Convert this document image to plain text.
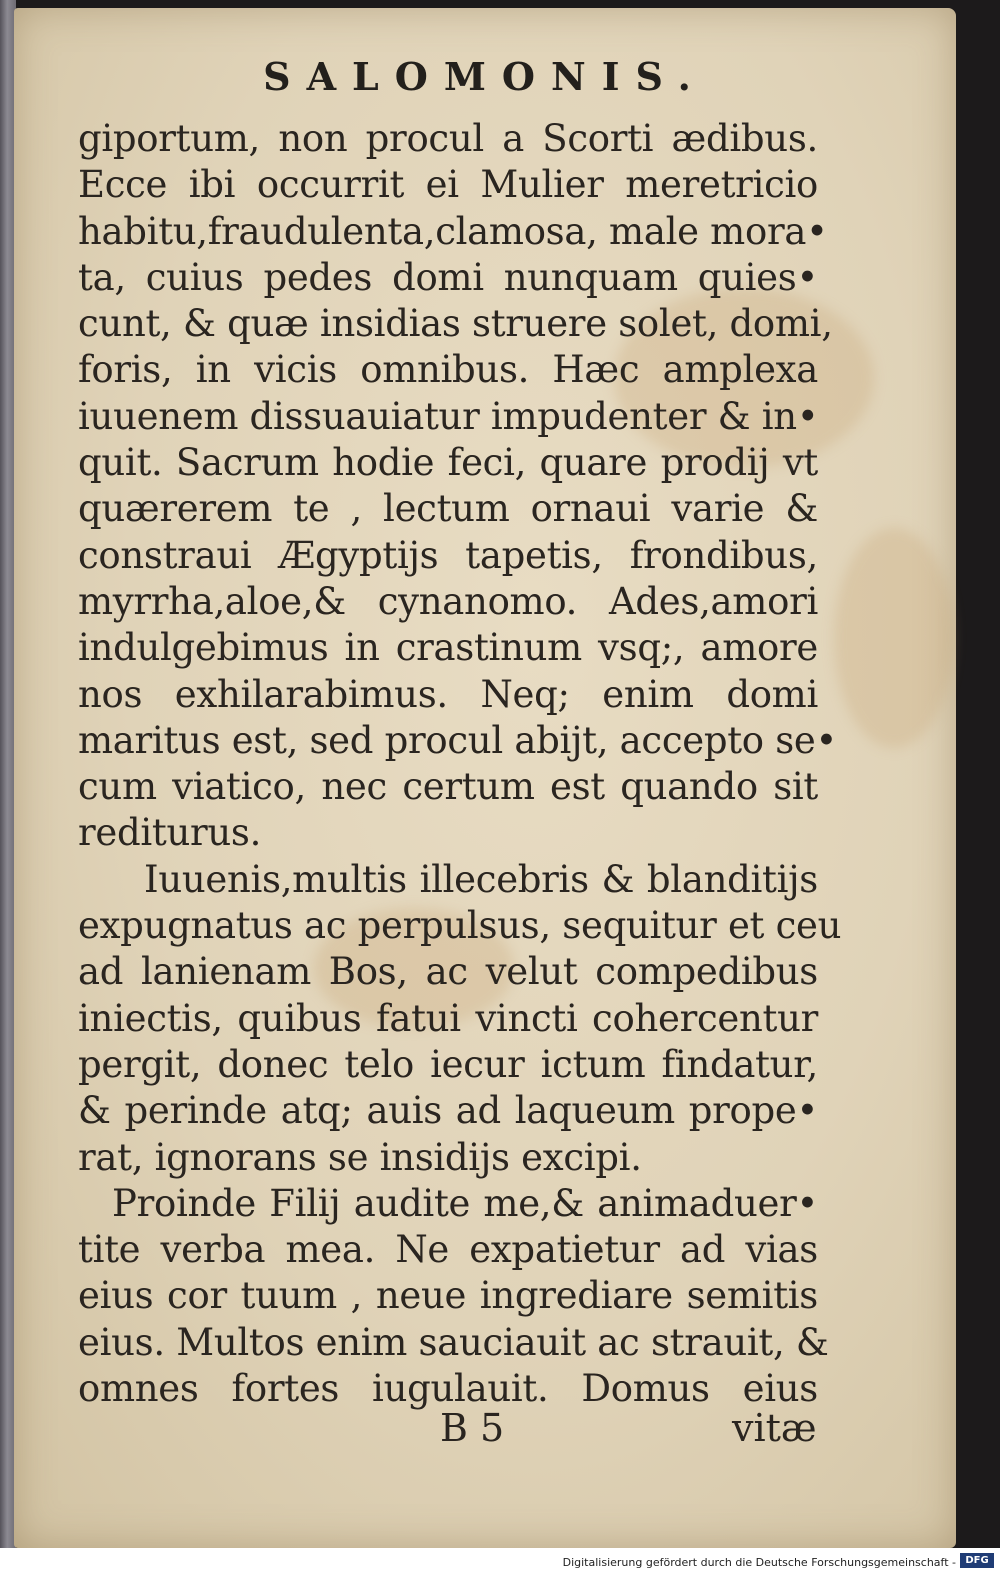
SALOMONIS.
giportum, non procul a Scorti ædibus.
Ecce ibi occurrit ei Mulier meretricio
habitu,fraudulenta,clamosa, male mora•
ta, cuius pedes domi nunquam quies•
cunt, & quæ insidias struere solet, domi,
foris, in vicis omnibus. Hæc amplexa
iuuenem dissuauiatur impudenter & in•
quit. Sacrum hodie feci, quare prodij vt
quærerem te , lectum ornaui varie &
constraui Ægyptijs tapetis, frondibus,
myrrha,aloe,& cynanomo. Ades,amori
indulgebimus in crastinum vsq;, amore
nos exhilarabimus. Neq; enim domi
maritus est, sed procul abijt, accepto se•
cum viatico, nec certum est quando sit
rediturus.
Iuuenis,multis illecebris & blanditijs
expugnatus ac perpulsus, sequitur et ceu
ad lanienam Bos, ac velut compedibus
iniectis, quibus fatui vincti cohercentur
pergit, donec telo iecur ictum findatur,
& perinde atq; auis ad laqueum prope•
rat, ignorans se insidijs excipi.
Proinde Filij audite me,& animaduer•
tite verba mea. Ne expatietur ad vias
eius cor tuum , neue ingrediare semitis
eius. Multos enim sauciauit ac strauit, &
omnes fortes iugulauit. Domus eius
B 5	vitæ
Digitalisierung gefördert durch die Deutsche Forschungsgemeinschaft - DFG
